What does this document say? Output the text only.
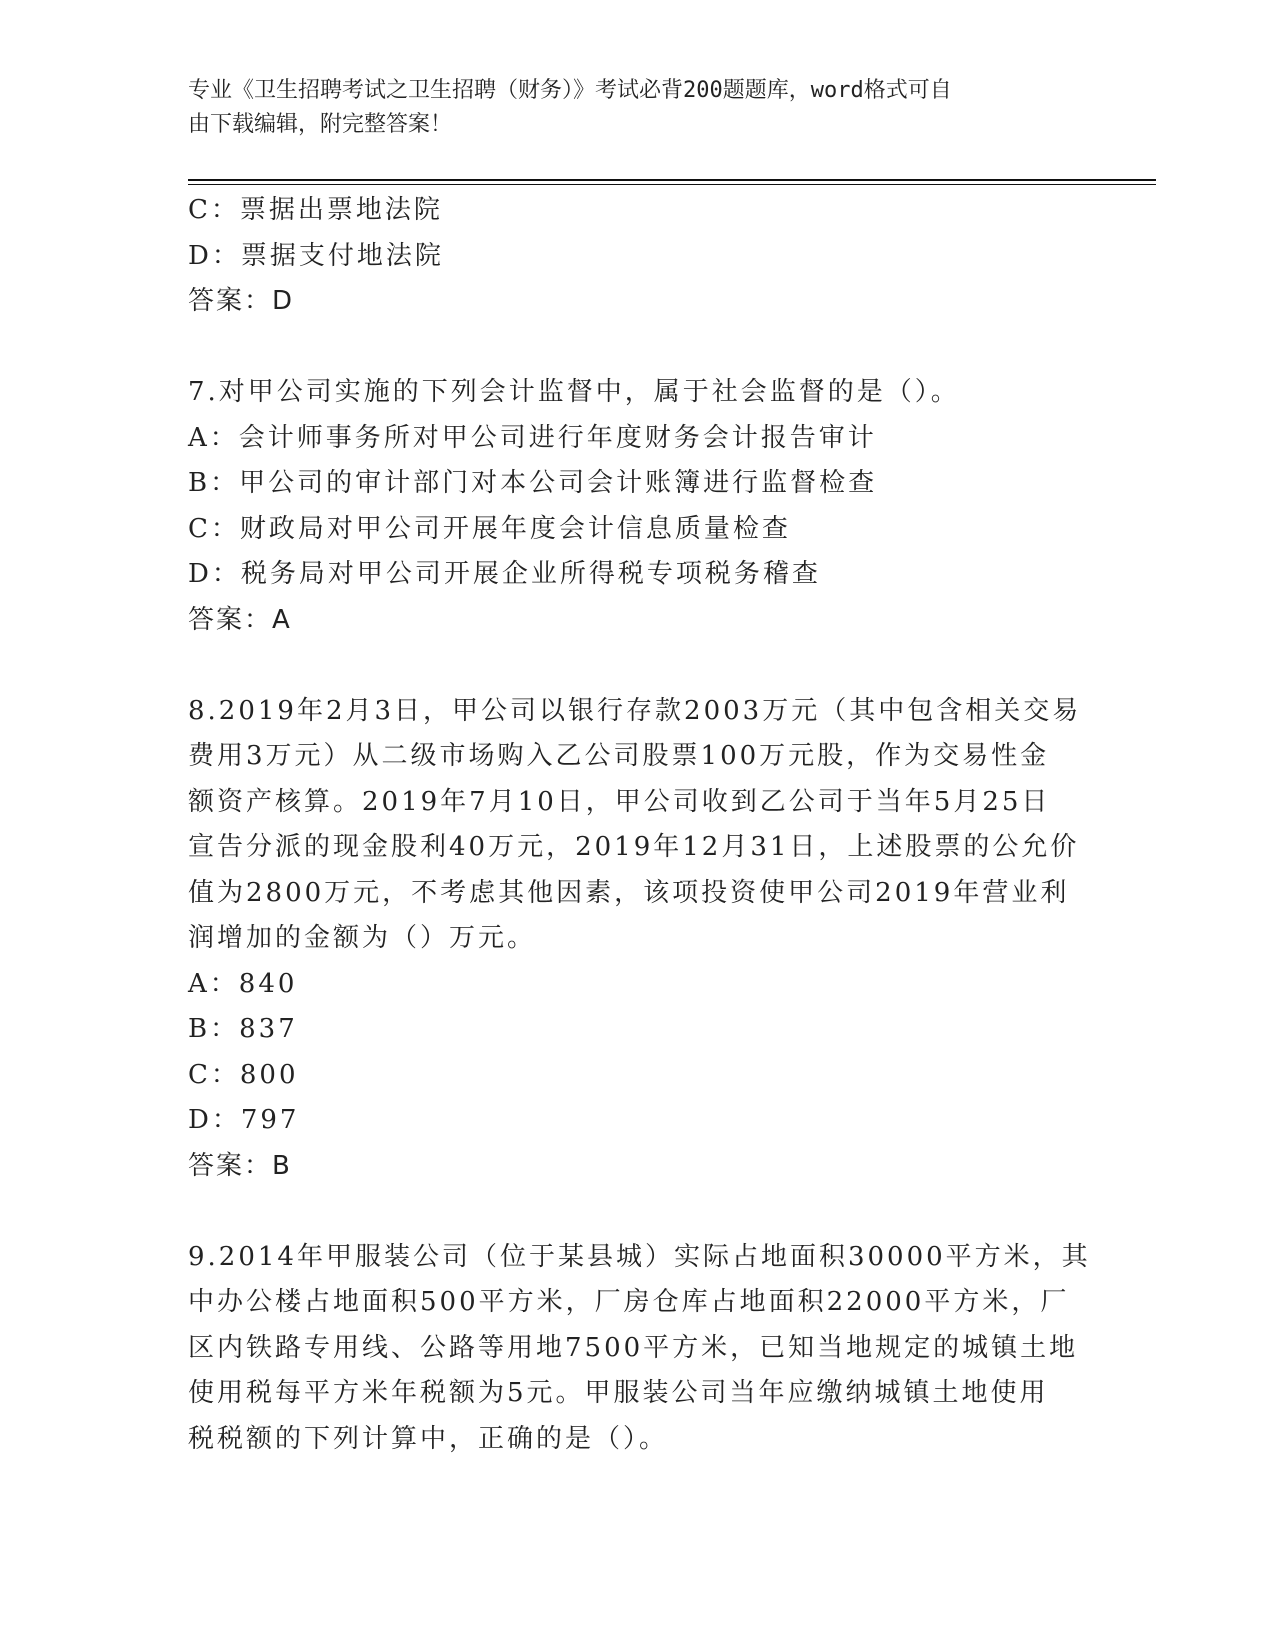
专业《卫生招聘考试之卫生招聘（财务）》考试必背200题题库，word格式可自
由下载编辑，附完整答案！
C：票据出票地法院
D：票据支付地法院
答案：D
7.对甲公司实施的下列会计监督中，属于社会监督的是（）。
A：会计师事务所对甲公司进行年度财务会计报告审计
B：甲公司的审计部门对本公司会计账簿进行监督检查
C：财政局对甲公司开展年度会计信息质量检查
D：税务局对甲公司开展企业所得税专项税务稽查
答案：A
8.2019年2月3日，甲公司以银行存款2003万元（其中包含相关交易
费用3万元）从二级市场购入乙公司股票100万元股，作为交易性金
额资产核算。2019年7月10日，甲公司收到乙公司于当年5月25日
宣告分派的现金股利40万元，2019年12月31日，上述股票的公允价
值为2800万元，不考虑其他因素，该项投资使甲公司2019年营业利
润增加的金额为（）万元。
A：840
B：837
C：800
D：797
答案：B
9.2014年甲服装公司（位于某县城）实际占地面积30000平方米，其
中办公楼占地面积500平方米，厂房仓库占地面积22000平方米，厂
区内铁路专用线、公路等用地7500平方米，已知当地规定的城镇土地
使用税每平方米年税额为5元。甲服装公司当年应缴纳城镇土地使用
税税额的下列计算中，正确的是（）。
